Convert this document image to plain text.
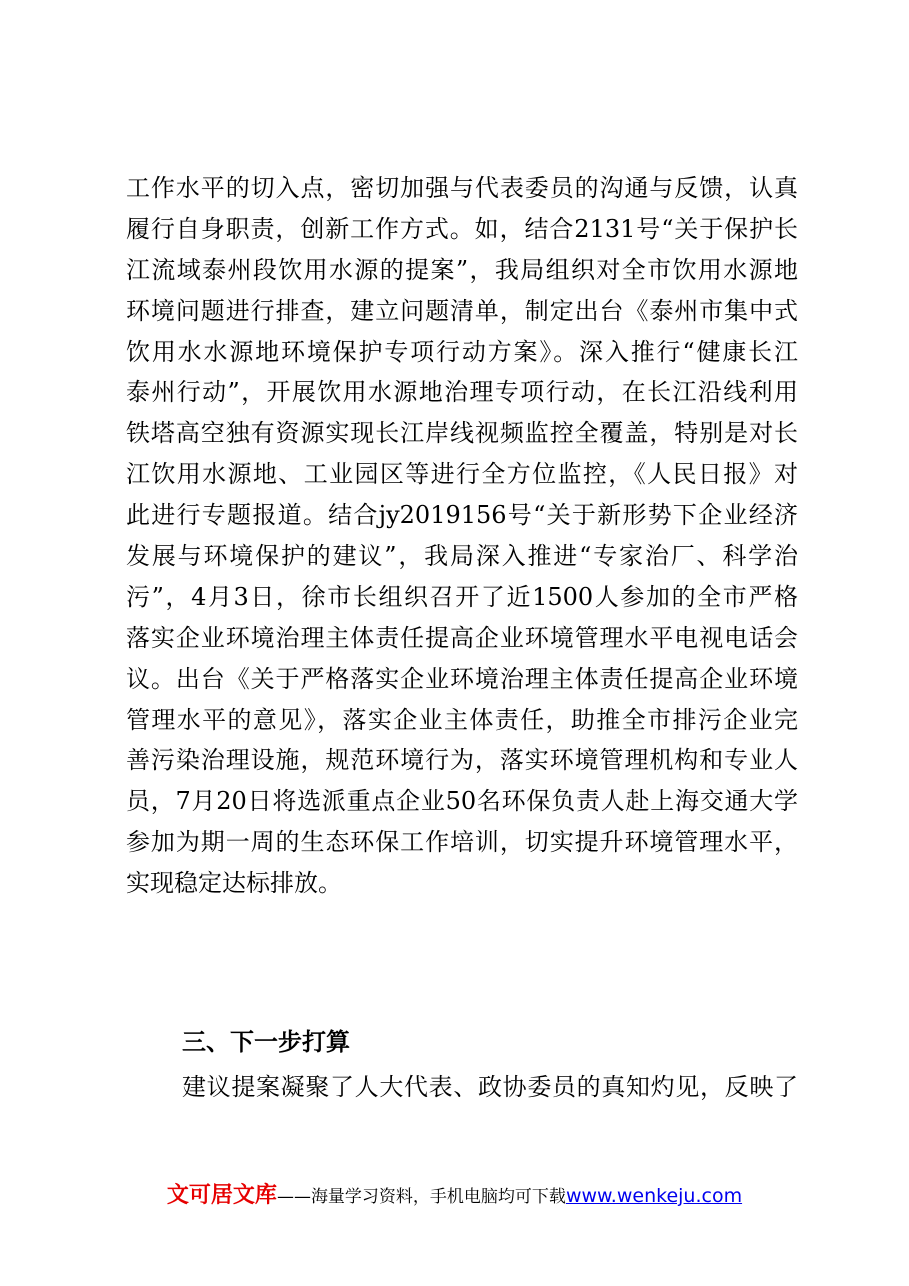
工作水平的切入点，密切加强与代表委员的沟通与反馈，认真
履行自身职责，创新工作方式。如，结合2131号“关于保护长
江流域泰州段饮用水源的提案”，我局组织对全市饮用水源地
环境问题进行排查，建立问题清单，制定出台《泰州市集中式
饮用水水源地环境保护专项行动方案》。深入推行“健康长江
泰州行动”，开展饮用水源地治理专项行动，在长江沿线利用
铁塔高空独有资源实现长江岸线视频监控全覆盖，特别是对长
江饮用水源地、工业园区等进行全方位监控，《人民日报》对
此进行专题报道。结合jy2019156号“关于新形势下企业经济
发展与环境保护的建议”，我局深入推进“专家治厂、科学治
污”，4月3日，徐市长组织召开了近1500人参加的全市严格
落实企业环境治理主体责任提高企业环境管理水平电视电话会
议。出台《关于严格落实企业环境治理主体责任提高企业环境
管理水平的意见》，落实企业主体责任，助推全市排污企业完
善污染治理设施，规范环境行为，落实环境管理机构和专业人
员，7月20日将选派重点企业50名环保负责人赴上海交通大学
参加为期一周的生态环保工作培训，切实提升环境管理水平，
实现稳定达标排放。
三、下一步打算
建议提案凝聚了人大代表、政协委员的真知灼见，反映了
文可居文库——海量学习资料，手机电脑均可下载www.wenkeju.com
